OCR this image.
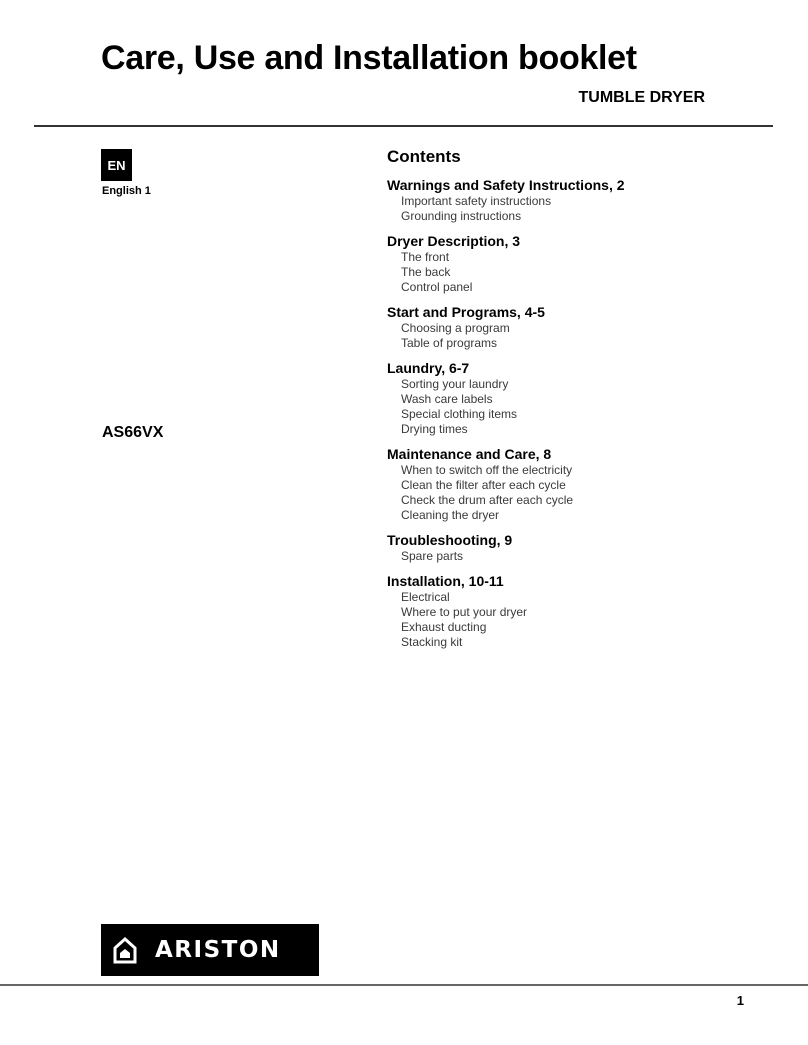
Care, Use and Installation booklet
TUMBLE DRYER
EN
English 1
AS66VX
Contents
Warnings and Safety Instructions, 2
Important safety instructions
Grounding instructions
Dryer Description, 3
The front
The back
Control panel
Start and Programs, 4-5
Choosing a program
Table of programs
Laundry, 6-7
Sorting your laundry
Wash care labels
Special clothing items
Drying times
Maintenance and Care, 8
When to switch off the electricity
Clean the filter after each cycle
Check the drum after each cycle
Cleaning the dryer
Troubleshooting, 9
Spare parts
Installation, 10-11
Electrical
Where to put your dryer
Exhaust ducting
Stacking kit
ARISTON
1
